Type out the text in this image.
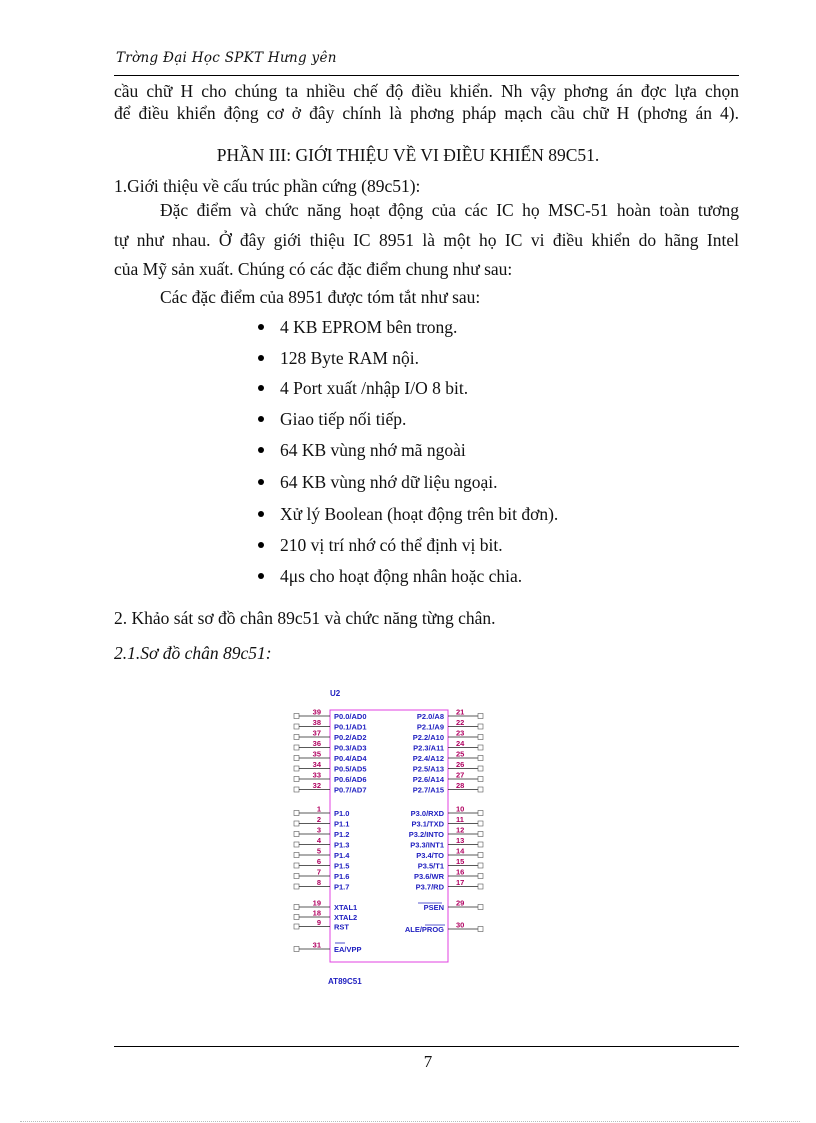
Trờng Đại Học SPKT Hưng yên
cầu chữ H cho chúng ta nhiều chế độ điều khiển. Nh vậy phơng án đợc lựa chọn
để điều khiển động cơ ở đây chính là phơng pháp mạch cầu chữ H (phơng án 4).
PHẦN III: GIỚI THIỆU VỀ VI ĐIỀU KHIỂN 89C51.
1.Giới thiệu về cấu trúc phần cứng (89c51):
Đặc điểm và chức năng hoạt động của các IC họ MSC-51 hoàn toàn tương
tự như nhau. Ở đây giới thiệu IC 8951 là một họ IC vi điều khiển do hãng Intel
của Mỹ sản xuất. Chúng có các đặc điểm chung như sau:
Các đặc điểm của 8951 được tóm tắt như sau:
4 KB EPROM bên trong.
128 Byte RAM nội.
4 Port xuất /nhập I/O 8 bit.
Giao tiếp nối tiếp.
64 KB vùng nhớ mã ngoài
64 KB vùng nhớ dữ liệu ngoại.
Xử lý Boolean (hoạt động trên bit đơn).
210 vị trí nhớ có thể định vị bit.
4μs cho hoạt động nhân hoặc chia.
2. Khảo sát sơ đồ chân 89c51 và chức năng từng chân.
2.1.Sơ đồ chân 89c51:
U2
39 P0.0/AD0
38 P0.1/AD1
37 P0.2/AD2
36 P0.3/AD3
35 P0.4/AD4
34 P0.5/AD5
33 P0.6/AD6
32 P0.7/AD7
1 P1.0
2 P1.1
3 P1.2
4 P1.3
5 P1.4
6 P1.5
7 P1.6
8 P1.7
19 XTAL1
18 XTAL2
9 RST
31 EA/VPP
21
P2.0/A8
22
P2.1/A9
23
P2.2/A10
24
P2.3/A11
25
P2.4/A12
26
P2.5/A13
27
P2.6/A14
28
P2.7/A15
10
P3.0/RXD
11
P3.1/TXD
12
P3.2/INTO
13
P3.3/INT1
14
P3.4/TO
15
P3.5/T1
16
P3.6/WR
17
P3.7/RD
29
PSEN
30
ALE/PROG
AT89C51
7
